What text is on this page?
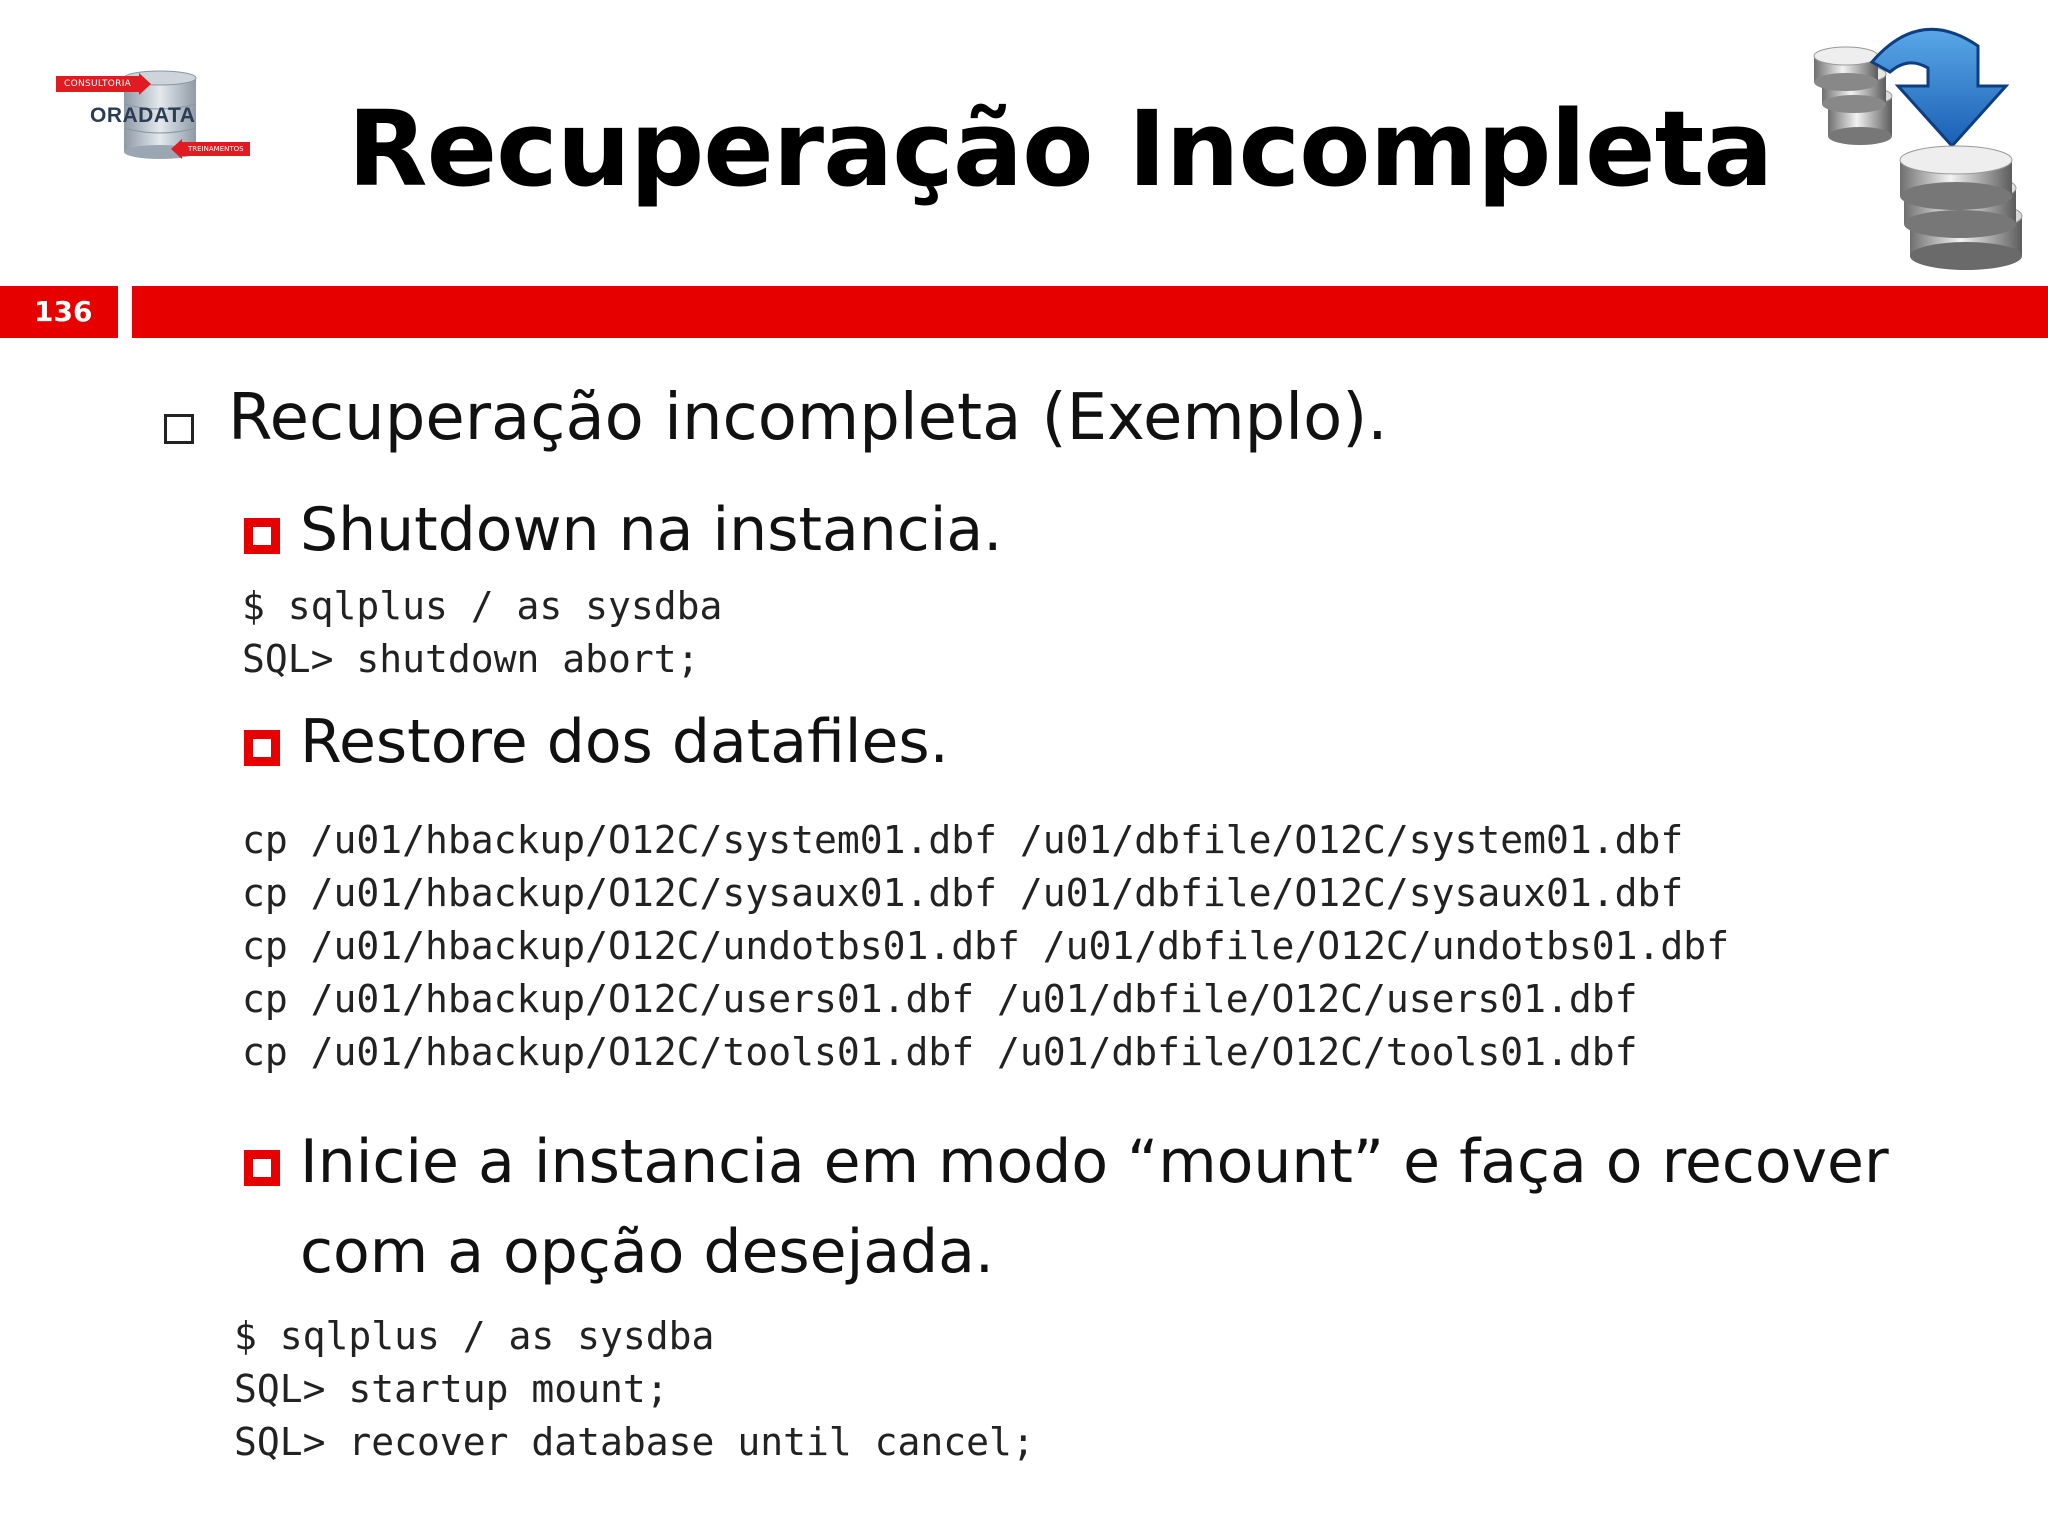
CONSULTORIA
ORADATA
TREINAMENTOS Recuperação Incompleta
136
Recuperação incompleta (Exemplo).
Shutdown na instancia.
$ sqlplus / as sysdba
SQL> shutdown abort;
Restore dos datafiles.
cp /u01/hbackup/O12C/system01.dbf /u01/dbfile/O12C/system01.dbf
cp /u01/hbackup/O12C/sysaux01.dbf /u01/dbfile/O12C/sysaux01.dbf
cp /u01/hbackup/O12C/undotbs01.dbf /u01/dbfile/O12C/undotbs01.dbf
cp /u01/hbackup/O12C/users01.dbf /u01/dbfile/O12C/users01.dbf
cp /u01/hbackup/O12C/tools01.dbf /u01/dbfile/O12C/tools01.dbf
Inicie a instancia em modo “mount” e faça o recover
com a opção desejada.
$ sqlplus / as sysdba
SQL> startup mount;
SQL> recover database until cancel;
